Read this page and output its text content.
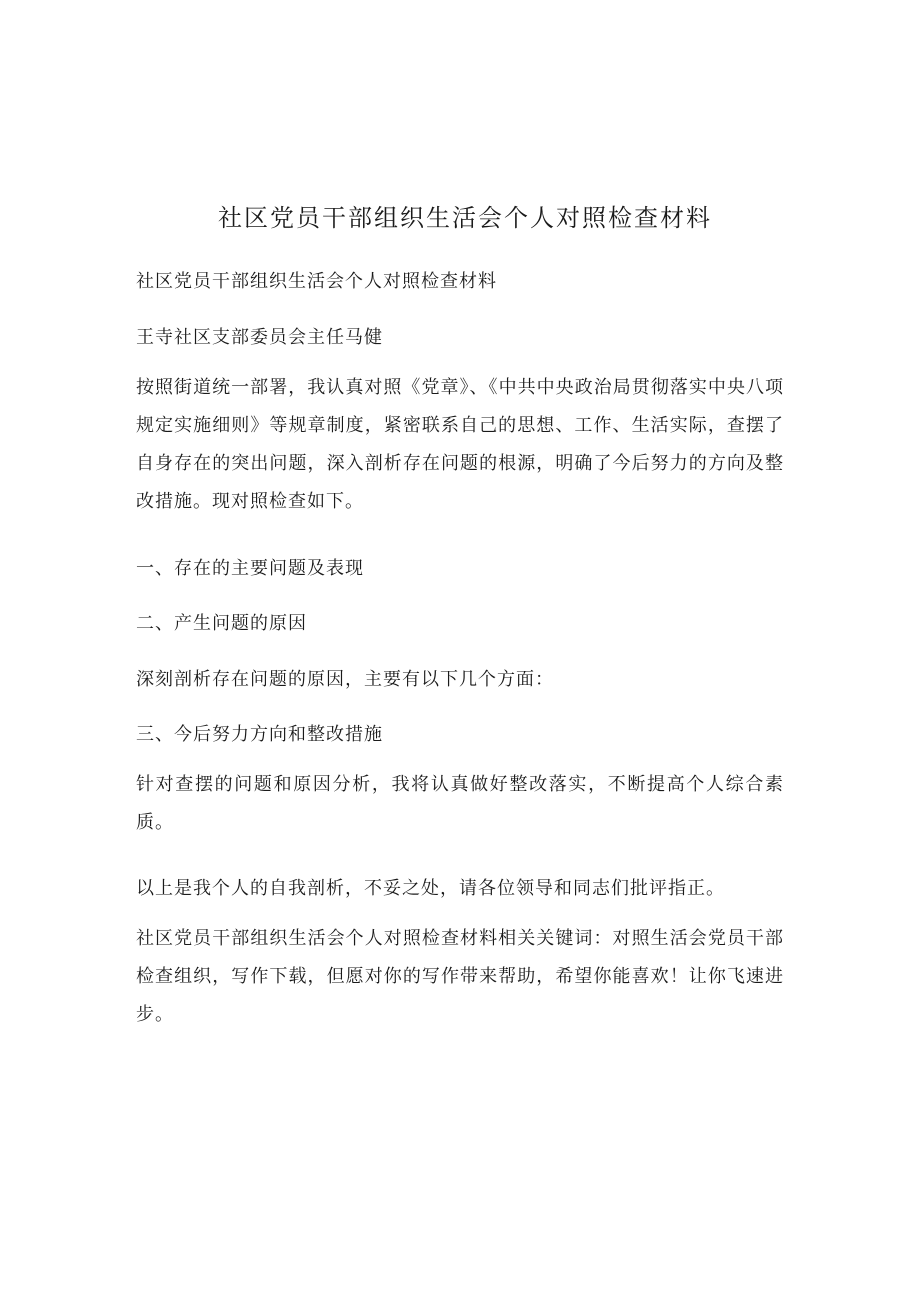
社区党员干部组织生活会个人对照检查材料

社区党员干部组织生活会个人对照检查材料

王寺社区支部委员会主任马健

按照街道统一部署，我认真对照《党章》、《中共中央政治局贯彻落实中央八项规定实施细则》等规章制度，紧密联系自己的思想、工作、生活实际，查摆了自身存在的突出问题，深入剖析存在问题的根源，明确了今后努力的方向及整改措施。现对照检查如下。

一、存在的主要问题及表现

二、产生问题的原因

深刻剖析存在问题的原因，主要有以下几个方面：

三、今后努力方向和整改措施

针对查摆的问题和原因分析，我将认真做好整改落实，不断提高个人综合素质。

以上是我个人的自我剖析，不妥之处，请各位领导和同志们批评指正。

社区党员干部组织生活会个人对照检查材料相关关键词：对照生活会党员干部检查组织，写作下载，但愿对你的写作带来帮助，希望你能喜欢！让你飞速进步。
